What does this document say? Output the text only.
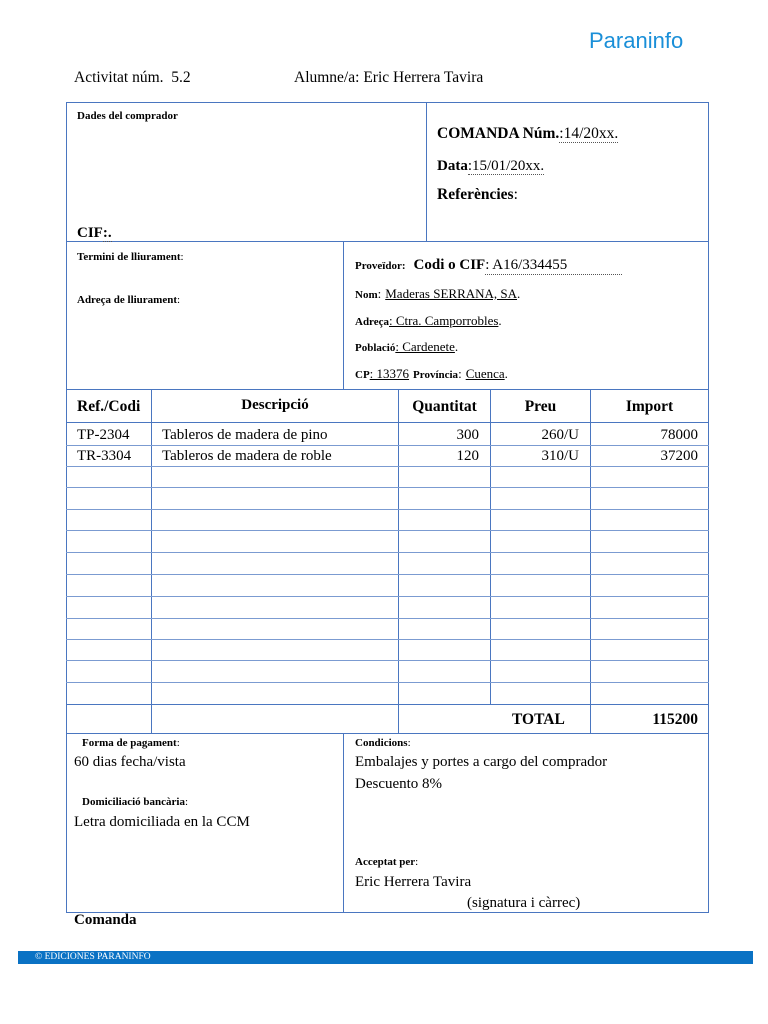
Paraninfo
Activitat núm. 5.2	Alumne/a: Eric Herrera Tavira
Dades del comprador
CIF:.
COMANDA Núm.:14/20xx.
Data:15/01/20xx.
Referències:
Termini de lliurament:
Adreça de lliurament:
Proveïdor: Codi o CIF: A16/334455
Nom: Maderas SERRANA, SA.
Adreça: Ctra. Camporrobles.
Població: Cardenete.
CP: 13376 Província: Cuenca.
Ref./Codi	Descripció	Quantitat	Preu	Import
TP-2304 Tableros de madera de pino	300	260/U	78000
TR-3304 Tableros de madera de roble	120	310/U	37200
TOTAL	115200
Forma de pagament:
60 dias fecha/vista
Domiciliació bancària:
Letra domiciliada en la CCM
Condicions:
Embalajes y portes a cargo del comprador
Descuento 8%
Acceptat per:
Eric Herrera Tavira
(signatura i càrrec)
Comanda
© EDICIONES PARANINFO
